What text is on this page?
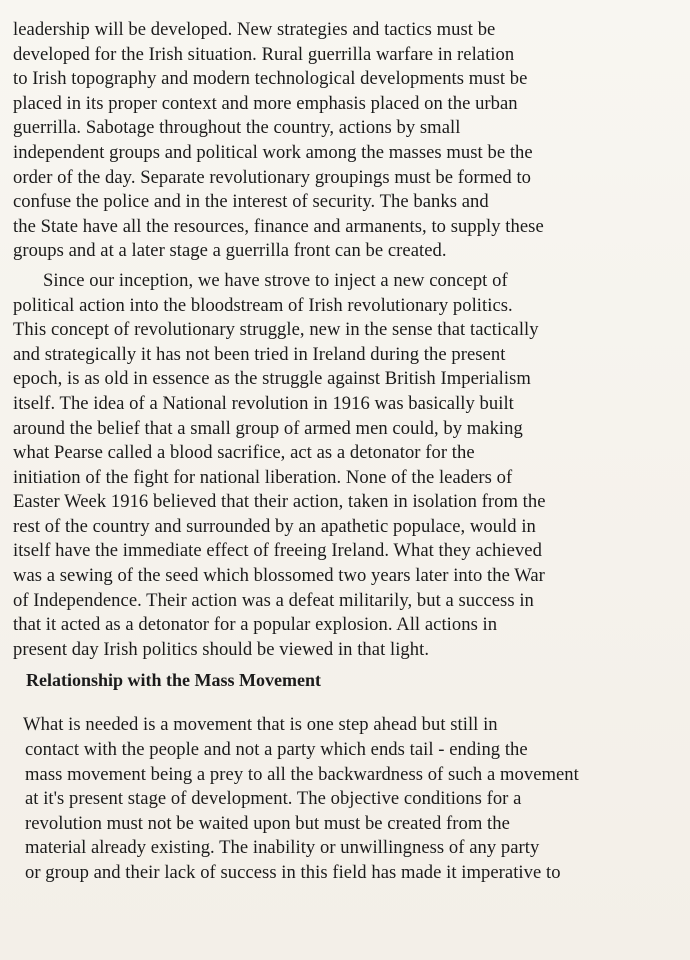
leadership will be developed. New strategies and tactics must be
developed for the Irish situation. Rural guerrilla warfare in relation
to Irish topography and modern technological developments must be
placed in its proper context and more emphasis placed on the urban
guerrilla. Sabotage throughout the country, actions by small
independent groups and political work among the masses must be the
order of the day. Separate revolutionary groupings must be formed to
confuse the police and in the interest of security. The banks and
the State have all the resources, finance and armanents, to supply these
groups and at a later stage a guerrilla front can be created.
Since our inception, we have strove to inject a new concept of
political action into the bloodstream of Irish revolutionary politics.
This concept of revolutionary struggle, new in the sense that tactically
and strategically it has not been tried in Ireland during the present
epoch, is as old in essence as the struggle against British Imperialism
itself. The idea of a National revolution in 1916 was basically built
around the belief that a small group of armed men could, by making
what Pearse called a blood sacrifice, act as a detonator for the
initiation of the fight for national liberation. None of the leaders of
Easter Week 1916 believed that their action, taken in isolation from the
rest of the country and surrounded by an apathetic populace, would in
itself have the immediate effect of freeing Ireland. What they achieved
was a sewing of the seed which blossomed two years later into the War
of Independence. Their action was a defeat militarily, but a success in
that it acted as a detonator for a popular explosion. All actions in
present day Irish politics should be viewed in that light.
Relationship with the Mass Movement
What is needed is a movement that is one step ahead but still in
contact with the people and not a party which ends tail - ending the
mass movement being a prey to all the backwardness of such a movement
at it's present stage of development. The objective conditions for a
revolution must not be waited upon but must be created from the
material already existing. The inability or unwillingness of any party
or group and their lack of success in this field has made it imperative to
